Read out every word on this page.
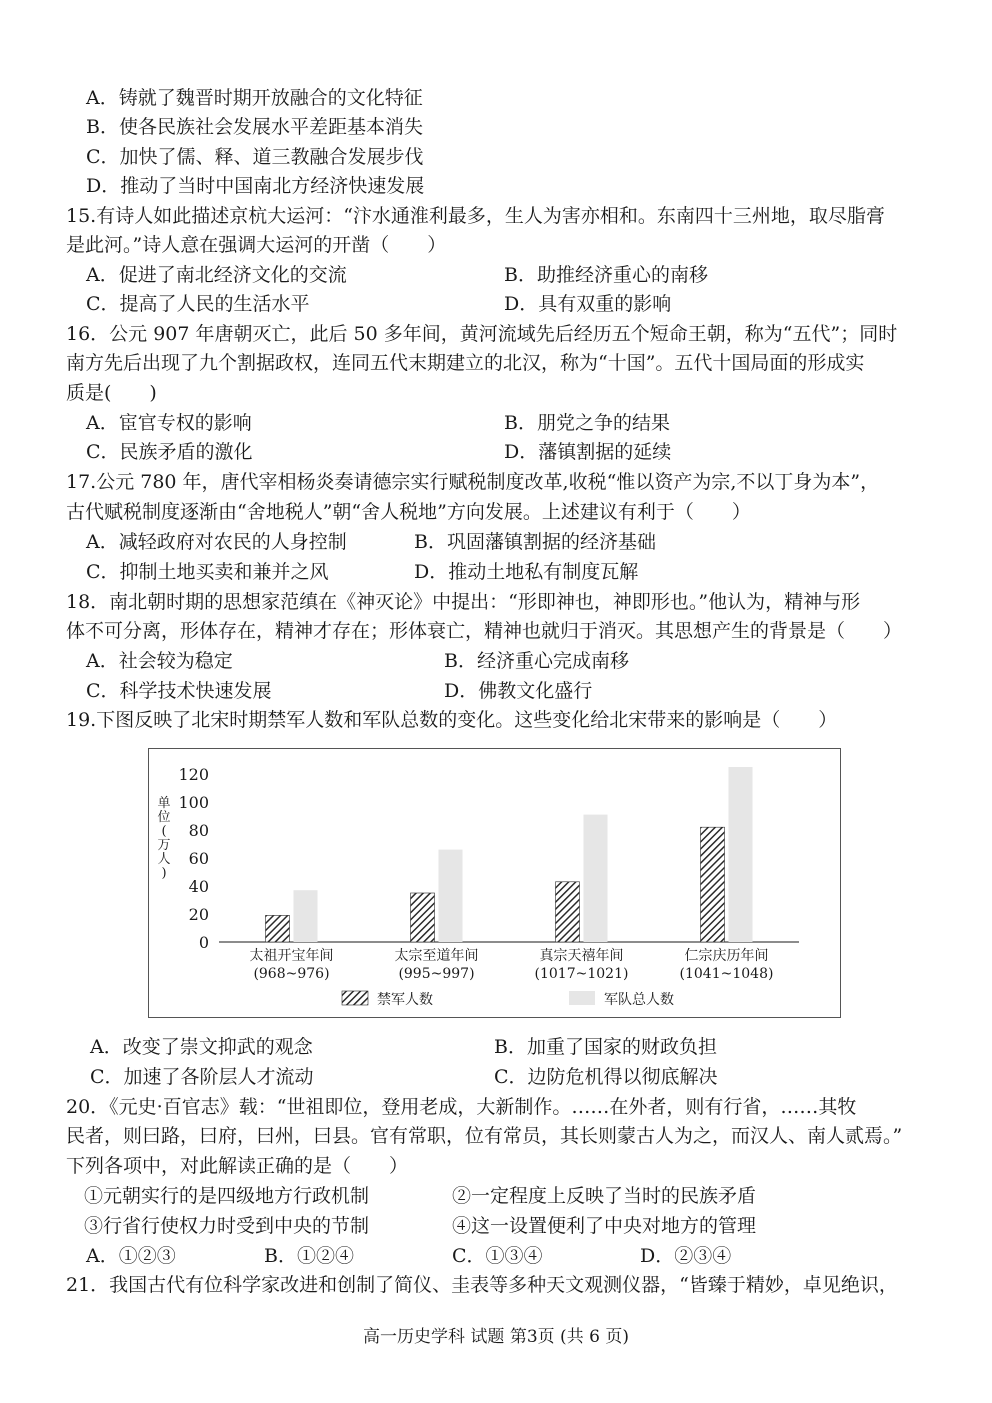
A．铸就了魏晋时期开放融合的文化特征
B．使各民族社会发展水平差距基本消失
C．加快了儒、释、道三教融合发展步伐
D．推动了当时中国南北方经济快速发展
15.有诗人如此描述京杭大运河：“汴水通淮利最多，生人为害亦相和。东南四十三州地，取尽脂膏
是此河。”诗人意在强调大运河的开凿（　　）
A．促进了南北经济文化的交流	B．助推经济重心的南移
C．提高了人民的生活水平	D．具有双重的影响
16．公元 907 年唐朝灭亡，此后 50 多年间，黄河流域先后经历五个短命王朝，称为“五代”；同时
南方先后出现了九个割据政权，连同五代末期建立的北汉，称为“十国”。五代十国局面的形成实
质是(　　)
A．宦官专权的影响	B．朋党之争的结果
C．民族矛盾的激化	D．藩镇割据的延续
17.公元 780 年，唐代宰相杨炎奏请德宗实行赋税制度改革,收税“惟以资产为宗,不以丁身为本”，
古代赋税制度逐渐由“舍地税人”朝“舍人税地”方向发展。上述建议有利于（　　）
A．减轻政府对农民的人身控制	B．巩固藩镇割据的经济基础
C．抑制土地买卖和兼并之风	D．推动土地私有制度瓦解
18．南北朝时期的思想家范缜在《神灭论》中提出：“形即神也，神即形也。”他认为，精神与形
体不可分离，形体存在，精神才存在；形体衰亡，精神也就归于消灭。其思想产生的背景是（　　）
A．社会较为稳定	B．经济重心完成南移
C．科学技术快速发展	D．佛教文化盛行
19.下图反映了北宋时期禁军人数和军队总数的变化。这些变化给北宋带来的影响是（　　）
单
位
(
万
人
)
0
20
40
60
80
100
120
太祖开宝年间
(968~976)
太宗至道年间
(995~997)
真宗天禧年间
(1017~1021)
仁宗庆历年间
(1041~1048)
禁军人数	军队总人数
A．改变了崇文抑武的观念	B．加重了国家的财政负担
C．加速了各阶层人才流动	C．边防危机得以彻底解决
20．《元史·百官志》载：“世祖即位，登用老成，大新制作。……在外者，则有行省，……其牧
民者，则曰路，曰府，曰州，曰县。官有常职，位有常员，其长则蒙古人为之，而汉人、南人贰焉。”
下列各项中，对此解读正确的是（　　）
①元朝实行的是四级地方行政机制	②一定程度上反映了当时的民族矛盾
③行省行使权力时受到中央的节制	④这一设置便利了中央对地方的管理
A．①②③	B．①②④	C．①③④	D．②③④
21．我国古代有位科学家改进和创制了简仪、圭表等多种天文观测仪器，“皆臻于精妙，卓见绝识，
高一历史学科 试题 第3页 (共 6 页)
